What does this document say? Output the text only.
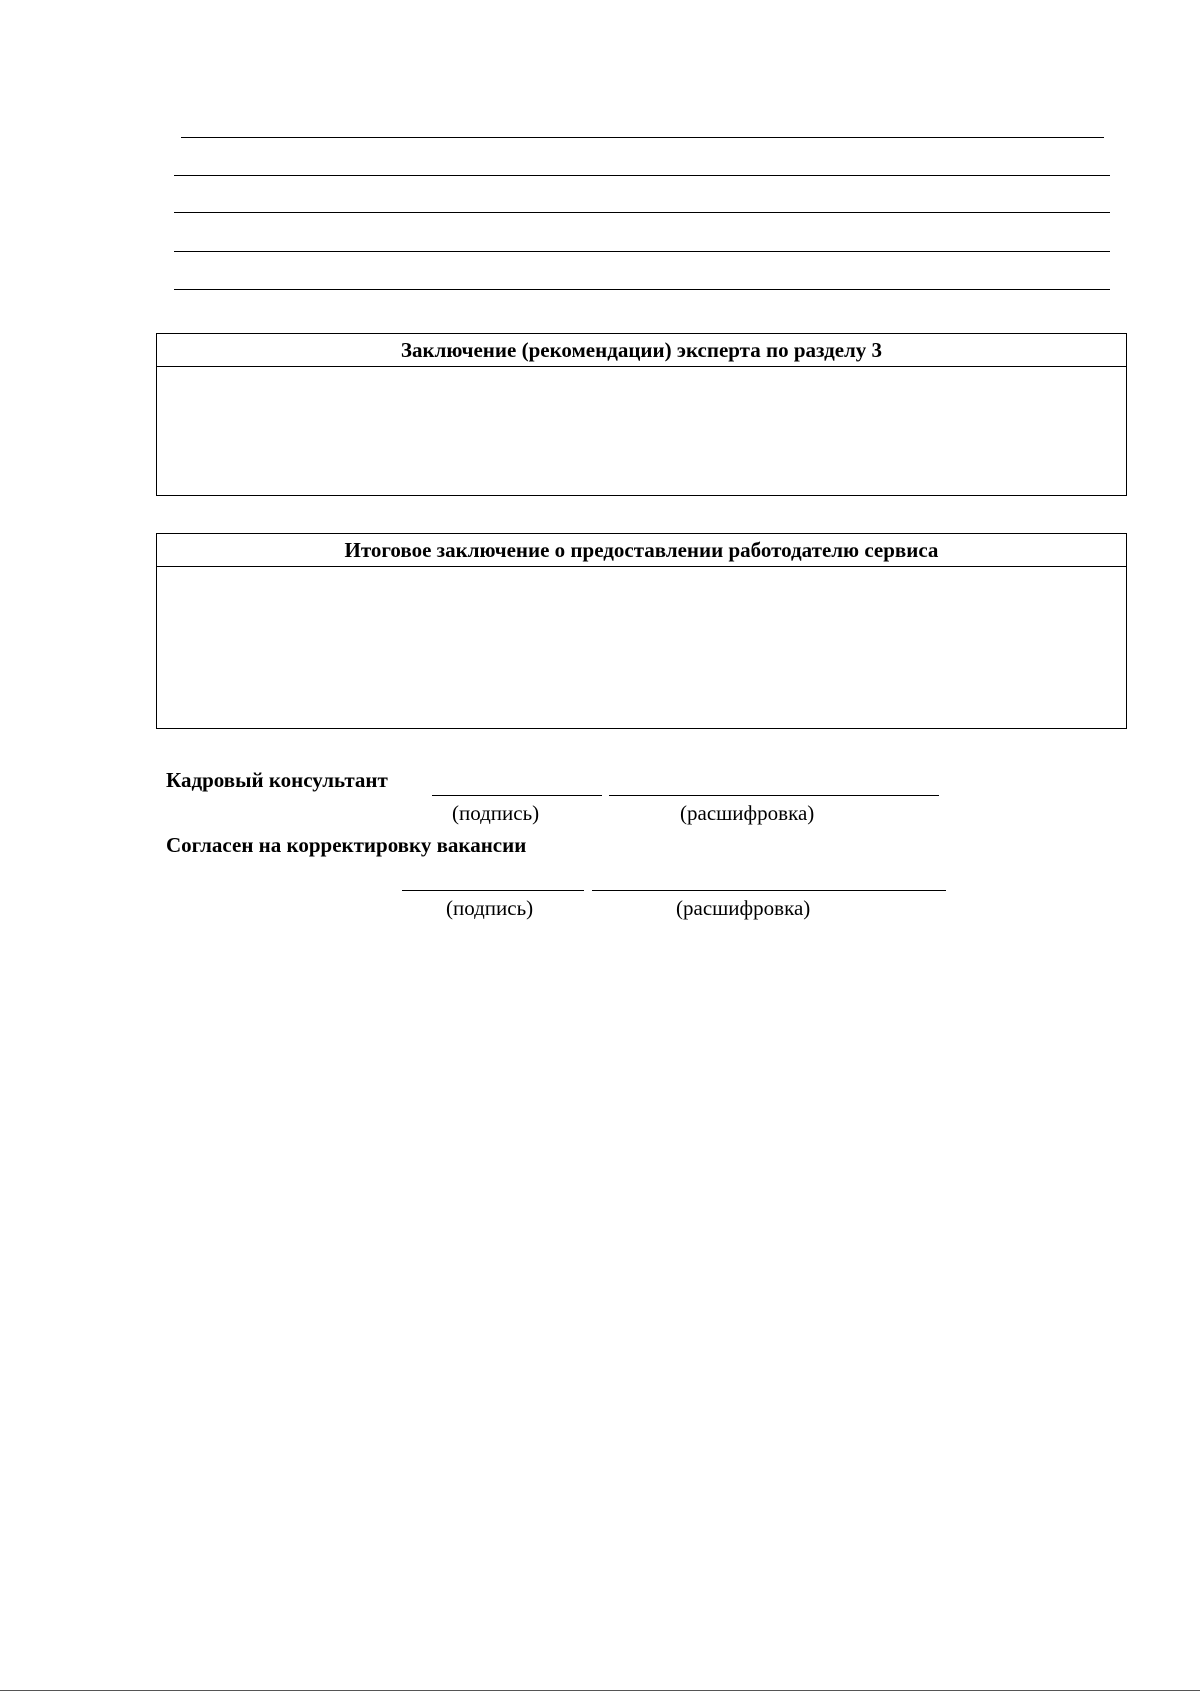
Заключение (рекомендации) эксперта по разделу 3
Итоговое заключение о предоставлении работодателю сервиса
Кадровый консультант
(подпись)	(расшифровка)
Согласен на корректировку вакансии
(подпись)	(расшифровка)
